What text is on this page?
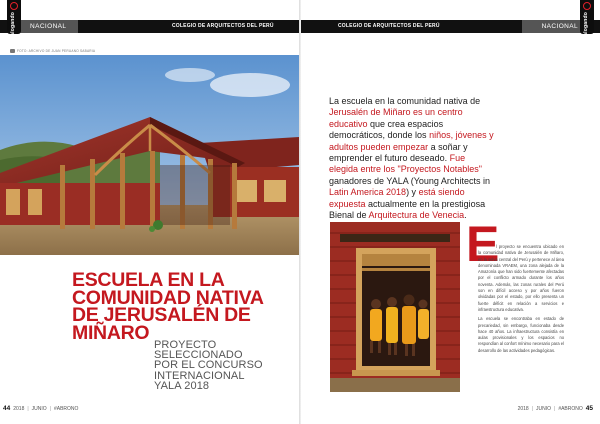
NACIONAL	COLEGIO DE ARQUITECTOS DEL PERÚ
catalogando	COLEGIO DE ARQUITECTOS DEL PERÚ	NACIONAL	catalogando
FOTO: ARCHIVO DE JUAN PERUANO SABARIA
ESCUELA EN LA
COMUNIDAD NATIVA
DE JERUSALÉN DE
MIÑARO
PROYECTO
SELECCIONADO
POR EL CONCURSO
INTERNACIONAL
YALA 2018
La escuela en la comunidad nativa de Jerusalén de Miñaro es un centro educativo que crea espacios democráticos, donde los niños, jóvenes y adultos pueden empezar a soñar y emprender el futuro deseado. Fue elegida entre los "Proyectos Notables" ganadores de YALA (Young Architects in Latin America 2018) y está siendo expuesta actualmente en la prestigiosa Bienal de Arquitectura de Venecia.
E

l proyecto se encuentra ubicado en la comunidad nativa de Jerusalén de Miñaro, en la selva central del Perú y pertenece al área denominada VRAEM, una zona alejada de la Amazonía que han sido fuertemente afectadas por el conflicto armado durante los años noventa. Además, las zonas rurales del Perú son en difícil acceso y por años fueron olvidadas por el estado, por ello presenta un fuerte déficit en relación a servicios e infraestructura educativa.

La escuela se encontraba en estado de precariedad, sin embargo, funcionaba desde hace 40 años. La infraestructura consistía en aulas provisionales y los espacios no respondían al confort mínimo necesario para el desarrollo de las actividades pedagógicas.

44 2018 | JUNIO | #ABRONO	2018 | JUNIO | #ABRONO 45
